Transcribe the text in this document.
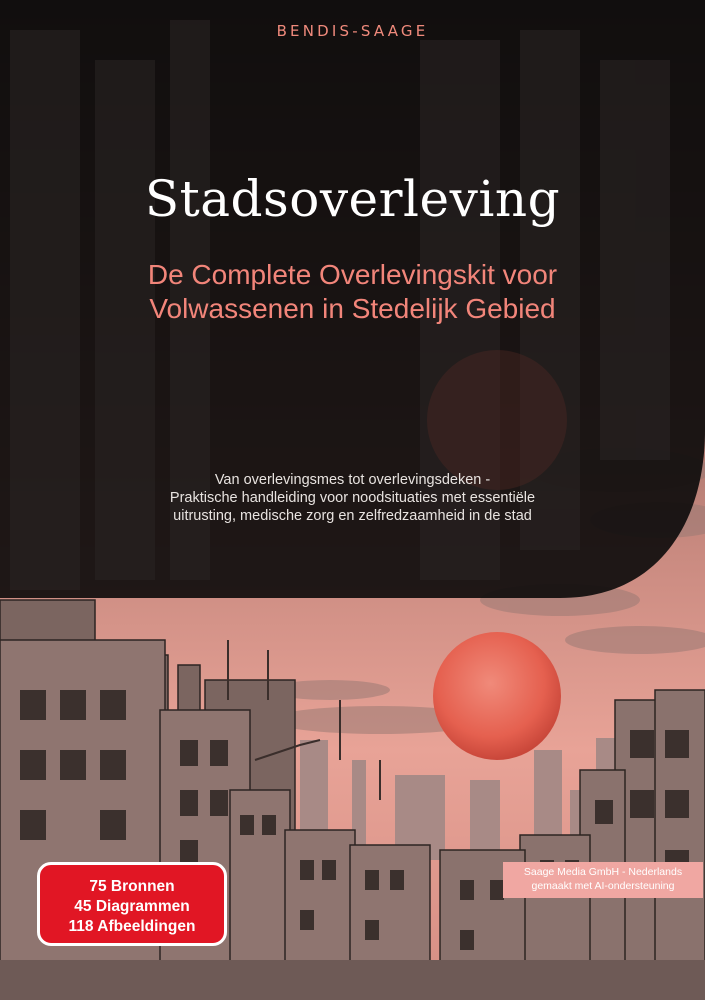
BENDIS-SAAGE
Stadsoverleving
De Complete Overlevingskit voor
Volwassenen in Stedelijk Gebied
Van overlevingsmes tot overlevingsdeken -
Praktische handleiding voor noodsituaties met essentiële
uitrusting, medische zorg en zelfredzaamheid in de stad
75 Bronnen
45 Diagrammen
118 Afbeeldingen
Saage Media GmbH - Nederlands
gemaakt met AI-ondersteuning
